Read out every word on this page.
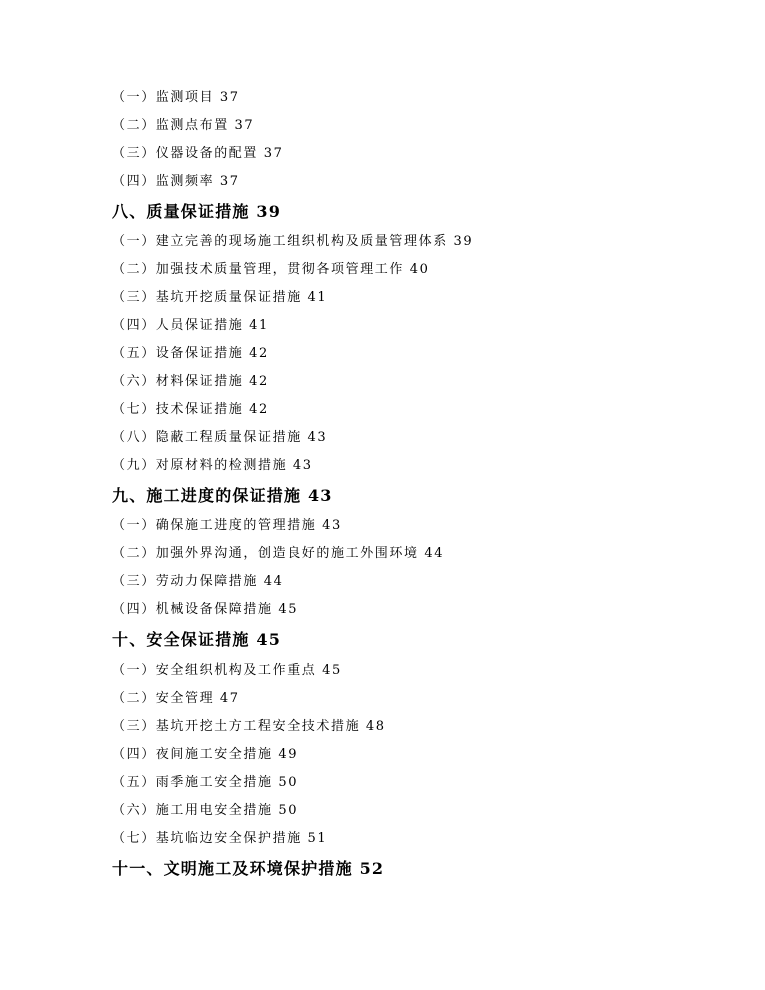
（一）监测项目 37
（二）监测点布置 37
（三）仪器设备的配置 37
（四）监测频率 37
八、质量保证措施 39
（一）建立完善的现场施工组织机构及质量管理体系 39
（二）加强技术质量管理，贯彻各项管理工作 40
（三）基坑开挖质量保证措施 41
（四）人员保证措施 41
（五）设备保证措施 42
（六）材料保证措施 42
（七）技术保证措施 42
（八）隐蔽工程质量保证措施 43
（九）对原材料的检测措施 43
九、施工进度的保证措施 43
（一）确保施工进度的管理措施 43
（二）加强外界沟通，创造良好的施工外围环境 44
（三）劳动力保障措施 44
（四）机械设备保障措施 45
十、安全保证措施 45
（一）安全组织机构及工作重点 45
（二）安全管理 47
（三）基坑开挖土方工程安全技术措施 48
（四）夜间施工安全措施 49
（五）雨季施工安全措施 50
（六）施工用电安全措施 50
（七）基坑临边安全保护措施 51
十一、文明施工及环境保护措施 52
